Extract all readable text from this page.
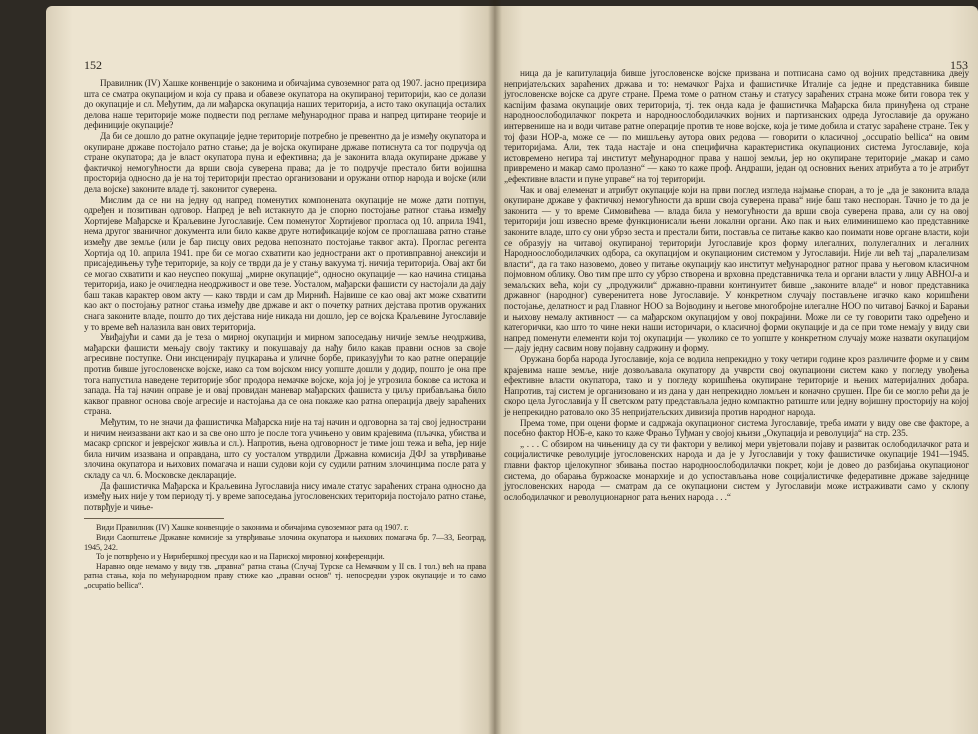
152

Правилник (IV) Хашке конвенције о законима и обичајима сувоземног рата од 1907. јасно прецизира шта се сматра окупацијом и која су права и обавезе окупатора на окупираној територији, као се долази до окупације и сл. Међутим, да ли мађарска окупација наших територија, а исто тако окупација осталих делова наше територије може подвести под регламе међународног права и напред цитиране теорије и дефиниције окупације?

Да би се дошло до ратне окупације једне територије потребно је превентно да је између окупатора и окупиране државе постојало ратно стање; да је војска окупиране државе потиснута са тог подручја од стране окупатора; да је власт окупатора пуна и ефективна; да је законита влада окупиране државе у фактичкој немогућности да врши своја суверена права; да је то подручје престало бити војишна просторија односно да је на тој територији престао организовани и оружани отпор народа и војске (или дела војске) законите владе тј. законитог суверена.

Мислим да се ни на једну од напред поменутих компонената окупације не може дати потпун, одређен и позитиван одговор. Напред је већ истакнуто да је спорно постојање ратног стања између Хортијеве Мађарске и Краљевине Југославије. Сем поменутог Хортијевог проглаcа од 10. априла 1941, нема другог званичног документа или било какве друге нотификације којом се проглашава ратно стање између две земље (или је бар писцу ових редова непознато постојање таквог акта). Проглас регента Хортија од 10. априла 1941. пре би се могао схватити као једнострани акт о противправној анексији и присаједињењу туђе територије, за коју се тврди да је у стању вакуума тј. ничија територија. Овај акт би се могао схватити и као неуспео покушај „мирне окупације“, односно окупације — као начина стицања територија, иако је очигледна неодрживост и ове тезе. Уосталом, мађарски фашисти су настојали да дају баш такав карактер овом акту — како тврди и сам др Мирнић. Највише се као овај акт може схватити као акт о постојању ратног стања између две државе и акт о почетку ратних дејстава против оружаних снага законите владе, пошто до тих дејстава није никада ни дошло, јер се војска Краљевине Југославије у то време већ налазила ван ових територија.

Увиђајући и сами да је теза о мирној окупацији и мирном запоседању ничије земље неодржива, мађарски фашисти мењају своју тактику и покушавају да нађу било какав правни основ за своје агресивне поступке. Они инсценирају пуцкарања и уличне борбе, приказујући то као ратне операције против бивше југословенске војске, иако са том војском нису уопште дошли у додир, пошто је она пре тога напустила наведене територије због продора немачке војске, која јој је угрозила бокове са истока и запада. На тај начин оправе је и овај провидан маневар мађарских фашиста у циљу прибављања било каквог правног основа своје агресије и настојања да се она покаже као ратна операција двеју зараћених страна.

Међутим, то не значи да фашистичка Мађарска није на тај начин и одговорна за тај свој једнострани и ничим неизазвани акт као и за све оно што је после тога учињено у овим крајевима (пљачка, убиства и масакр српског и јеврејског живља и сл.). Напротив, њена одговорност је тиме још тежа и већа, јер није била ничим изазвана и оправдана, што су уосталом утврдили Државна комисија ДФЈ за утврђивање злочина окупатора и њихових помагача и наши судови који су судили ратним злочинцима после рата у складу са чл. 6. Московске декларације.

Да фашистичка Мађарска и Краљевина Југославија нису имале статус зараћених страна односно да између њих није у том периоду тј. у време запоседања југословенских територија постојало ратно стање, потврђује и чиње-

Види Правилник (IV) Хашке конвенције о законима и обичајима сувоземног рата од 1907. г.

Види Саопштење Државне комисије за утврђивање злочина окупатора и њихових помагача бр. 7—33, Београд, 1945, 242.

То је потврђено и у Нирнбершкој пресуди као и на Париској мировној конференцији.

Наравно овде немамо у виду тзв. „правна“ ратна стања (Случај Турске са Немачком у II св. I тол.) већ на права ратна стања, која по међународном праву стиже као „правни основ“ тј. непосредни узрок окупације и то само „ocupatio bellica“.

153

ница да је капитулација бивше југословенске војске призвана и потписана само од војних представника двеју непријатељских зараћених држава и то: немачког Рајха и фашистичке Италије са једне и представника бивше југословенске војске са друге стране. Према томе о ратном стању и статусу зараћених страна може бити говора тек у касnijим фазама окупације ових територија, тј. тек онда када је фашистичка Мађарска била принуђена од стране народноослободилачког покрета и народноослободилачких војних и партизанских одреда Југославије да оружано интервенише на и води читаве ратне операције против тe нове војске, која је тиме добила и статус зараћене стране. Тек у тој фази НОР-а, може се — по мишљењу аутора ових редова — говорити о класичној „occupatio bellica“ на овим територијама. Али, тек тада настаје и она специфична карактеристика окупационих система Југославије, која истовремено негира тај институт међународног права у нашој земљи, јер но окупиране територије „макар и само привремено и макар само пролазно“ — како то каже проф. Андраши, један од основних њених атрибута а то је атрибут „ефективне власти и пуне управе“ на тој територији.

Чак и овај елеменат и атрибут окупације који на први поглед изгледа најмање споран, а то је „да је законита влада окупиране државе у фактичкој немогућности да врши своја суверена права“ није баш тако неспоран. Тачно је то да је законита — у то време Симовићева — влада била у немогућности да врши своја суверена права, али су на овој територији још извесно време функционисали њени локални органи. Ако пак и њих елиминишемо као представнике законите владе, што су они убрзо зеста и престали бити, поставља се питање какво као поимати нове органе власти, који се образују на читавој окупираној територији Југославије кроз форму илегалних, полулегалних и легалних Народноослободилачких одбора, са окупацијом и окупационим системом у Југославији. Није ли већ тај „паралелизам власти“, да га тако назовемо, довео у питање окупацију као институт међународног ратног права у његовом класичном појмовном облику. Ово тим пре што су убрзо створена и врховна представничка тела и органи власти у лицу АВНОЈ-а и земаљских већа, који су „продужили“ државно-правни континуитет бивше „законите владе“ и новог представника државног (народног) суверенитета нове Југославије. У конкретном случају постављене игачко како коришћени постојање, делатност и рад Главног НОО за Војводину и његове многобројне илегалне НОО по читавој Бачкој и Барањи и њихову немалу активност — са мађарском окупацијом у овој покрајини. Може ли се ту говорити тако одређено и категорички, као што то чине неки наши историчари, о класичној форми окупације и да се при томе немају у виду сви напред поменути елементи који тој окупацији — уколико се то уопште у конкретном случају може назвати окупацијом — дају једну сасвим нову појавну садржину и форму.

Оружана борба народа Југославије, која се водила непрекидно у току четири године кроз различите форме и у свим крајевима наше земље, није дозвољавала окупатору да учврсти свој окупациони систем како у погледу увођења ефективне власти окупатора, тако и у погледу коришћења окупиране територије и њених материјалних добара. Напротив, тај систем је организовано и из дана у дан непрекидно ломљен и коначно срушен. Пре би се могло рећи да је скоро цела Југославија у II светском рату представљала једно компактно ратиште или једну војишну просторију на којој је непрекидно ратовало око 35 непријатељских дивизија против народног народа.

Према томе, при оцени форме и садржаја окупационог система Југославије, треба имати у виду ове све факторе, а посебно фактор НОБ-е, како то каже Фрањо Туђман у својој књизи „Окупација и револуција“ на стр. 235.

„ . . . С обзиром на чињеницу да су ти фактори у великој мери увјетовали појаву и развитак ослободилачког рата и социјалистичке револуције југословенских народа и да је у Југославији у току фашистичке окупације 1941—1945. главни фактор цјелокупног збивања постао народноослободилачки покрет, који је довео до разбијања окупационог система, до обарања буржоаске монархије и до успостављања нове социјалистичке федеративне државе заједнице југословенских народа — сматрам да се окупациони систем у Југославији може истраживати само у склопу ослободилачког и револуционарног рата њених народа . . .“
